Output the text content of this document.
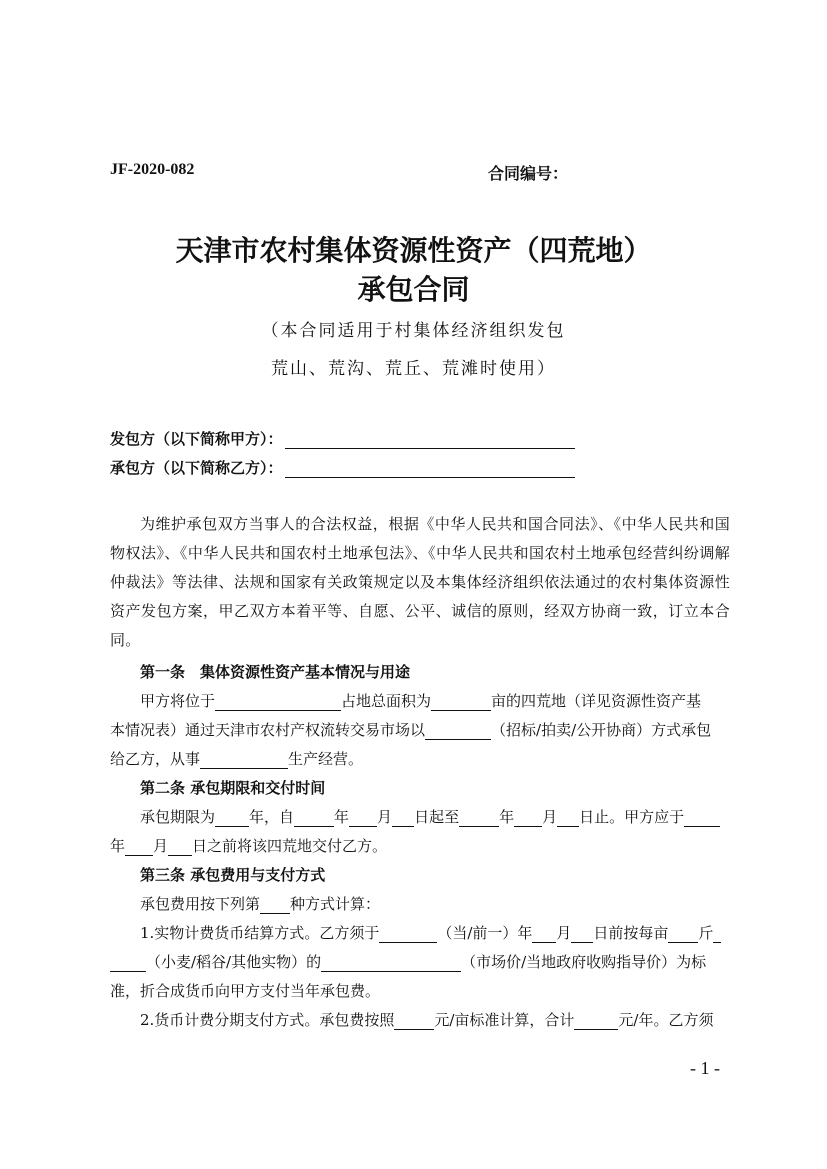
JF-2020-082	合同编号：
天津市农村集体资源性资产（四荒地）
承包合同
（本合同适用于村集体经济组织发包
荒山、荒沟、荒丘、荒滩时使用）
发包方（以下简称甲方）：
承包方（以下简称乙方）：
为维护承包双方当事人的合法权益，根据《中华人民共和国合同法》、《中华人民共和国物权法》、《中华人民共和国农村土地承包法》、《中华人民共和国农村土地承包经营纠纷调解仲裁法》等法律、法规和国家有关政策规定以及本集体经济组织依法通过的农村集体资源性资产发包方案，甲乙双方本着平等、自愿、公平、诚信的原则，经双方协商一致，订立本合同。
第一条　集体资源性资产基本情况与用途
甲方将位于	占地总面积为	亩的四荒地（详见资源性资产基
本情况表）通过天津市农村产权流转交易市场以	（招标/拍卖/公开协商）方式承包
给乙方，从事	生产经营。
第二条 承包期限和交付时间
承包期限为 年，自	年 月 日起至	年 月 日止。甲方应于
年 月 日之前将该四荒地交付乙方。
第三条 承包费用与支付方式
承包费用按下列第 种方式计算：
1.实物计费货币结算方式。乙方须于	（当/前一）年 月 日前按每亩 斤
（小麦/稻谷/其他实物）的	（市场价/当地政府收购指导价）为标
准，折合成货币向甲方支付当年承包费。
2.货币计费分期支付方式。承包费按照	元/亩标准计算，合计	元/年。乙方须
- 1 -
